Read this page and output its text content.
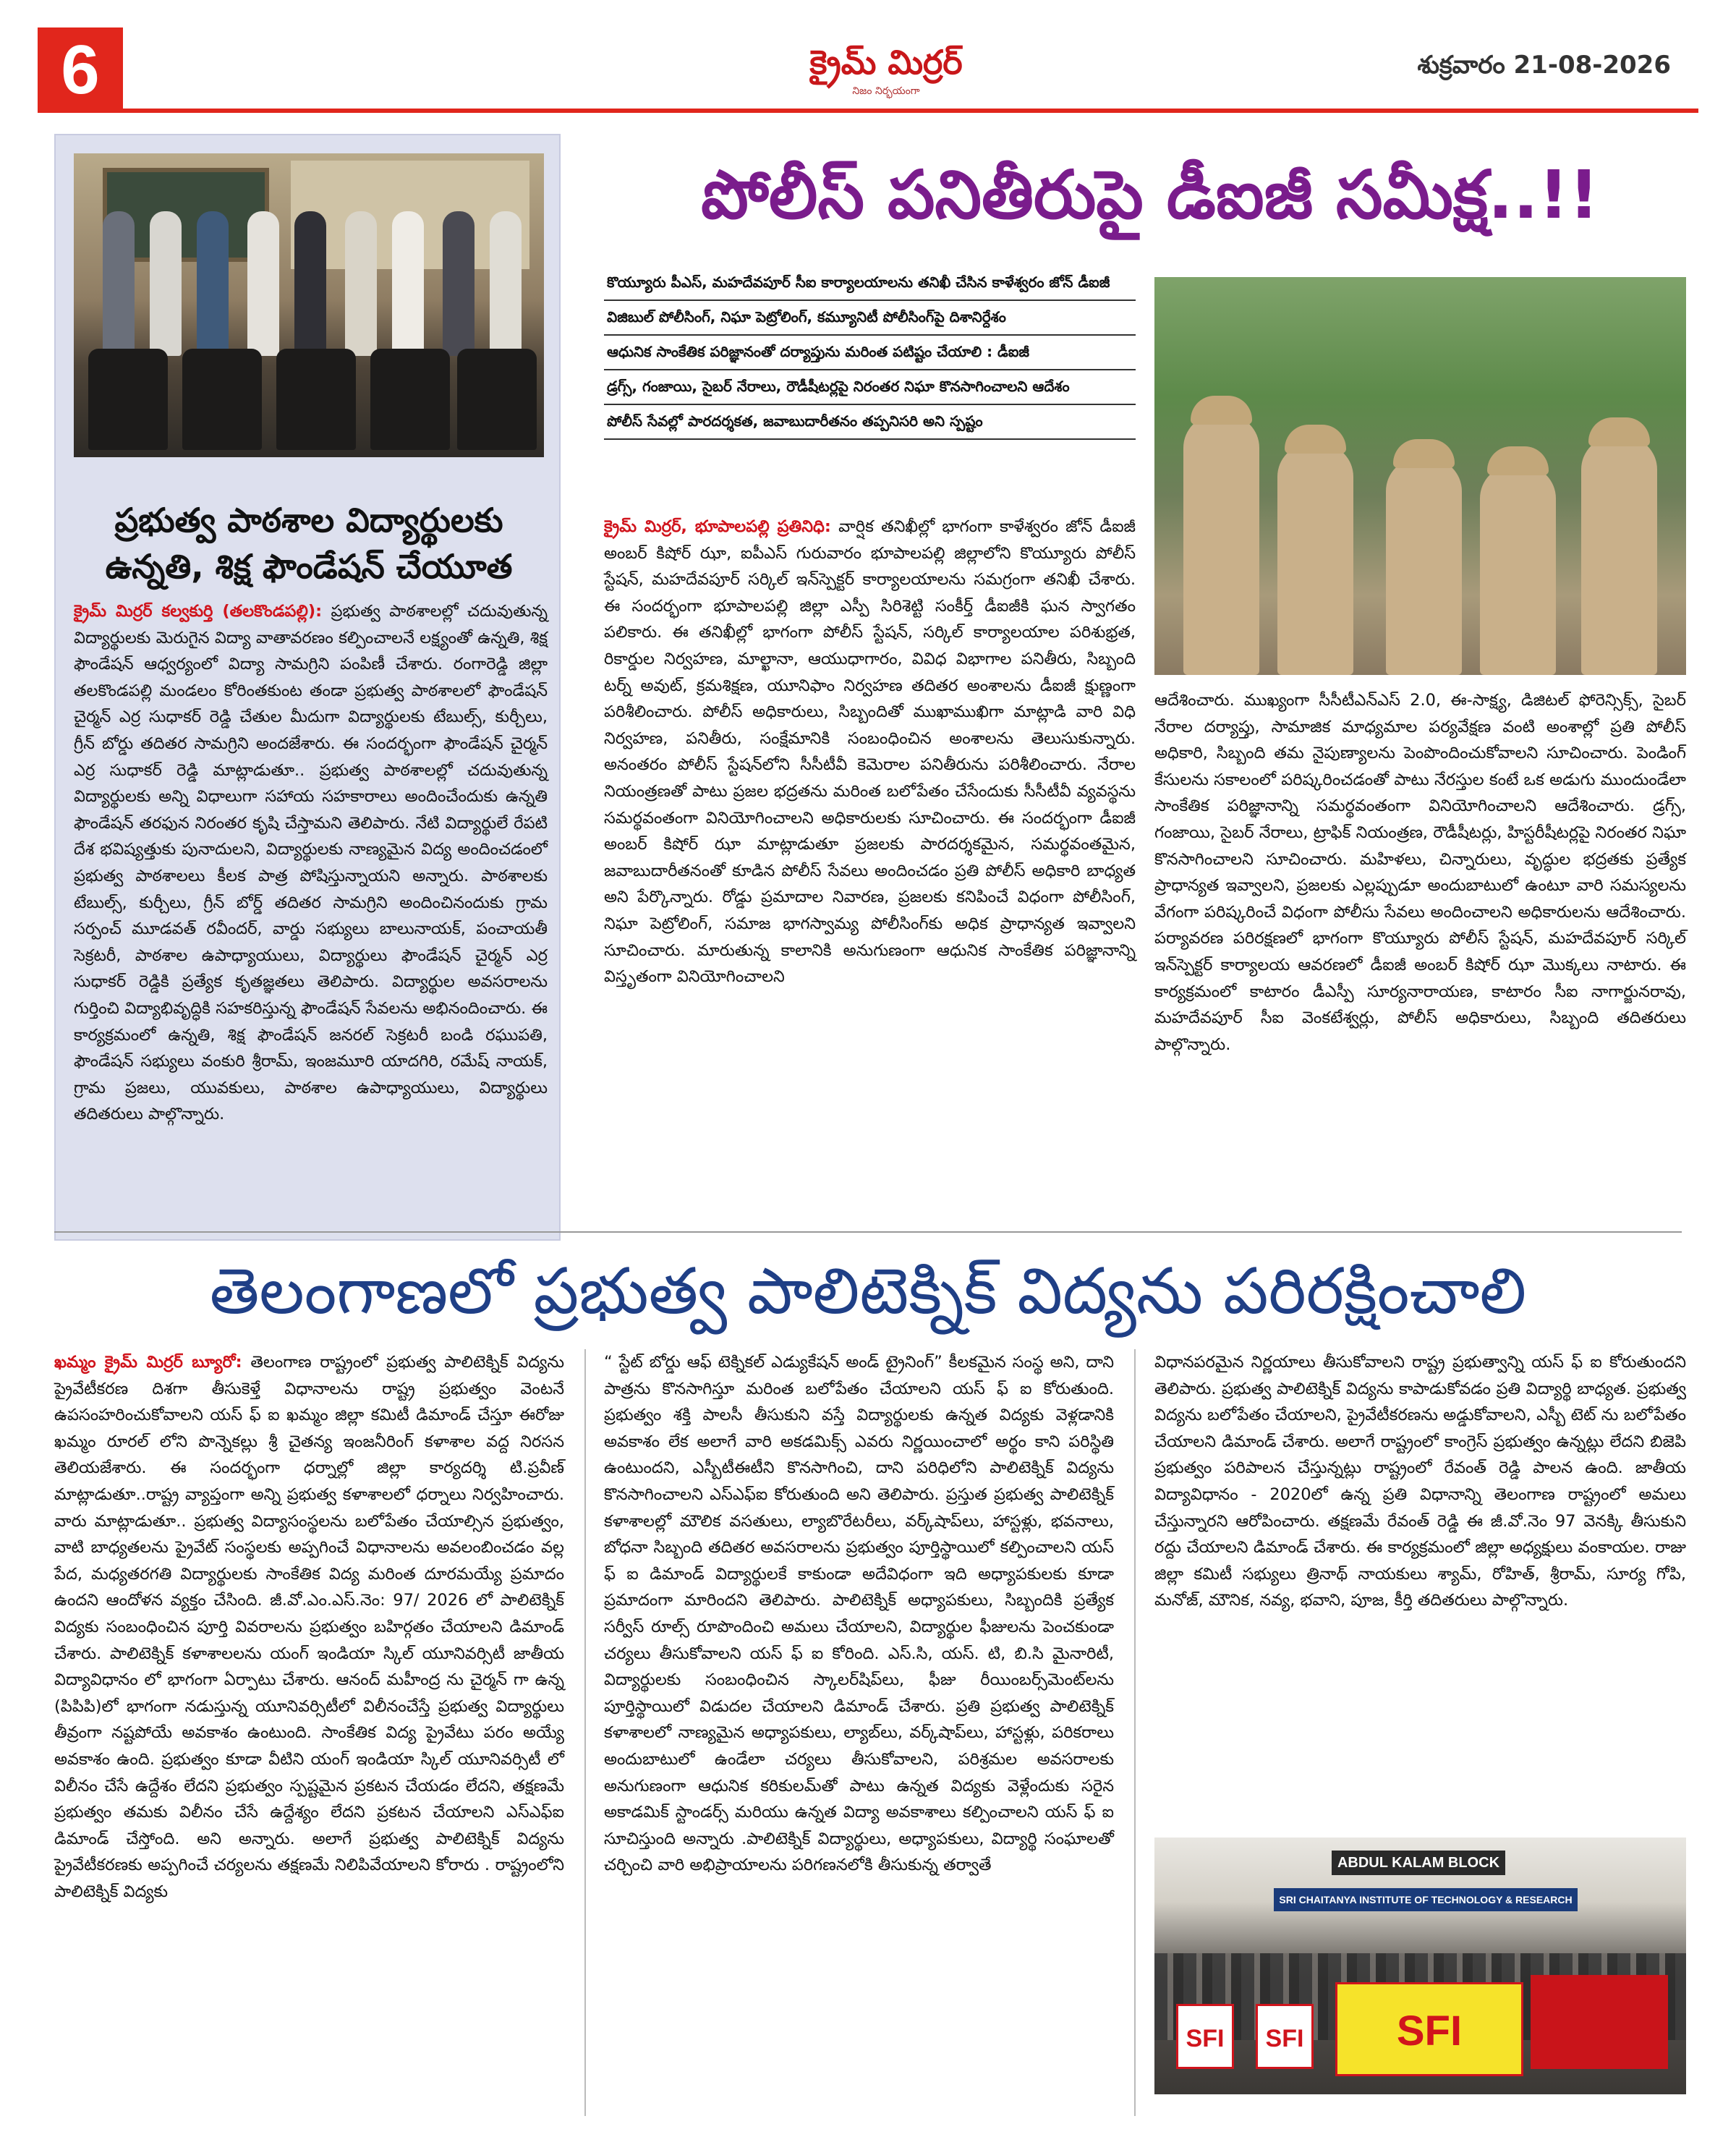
6	క్రైమ్ మిర్రర్
నిజం నిర్భయంగా
శుక్రవారం 21-08-2026
ప్రభుత్వ పాఠశాల విద్యార్థులకు ఉన్నతి, శిక్ష ఫౌండేషన్ చేయూత
క్రైమ్ మిర్రర్ కల్వకుర్తి (తలకొండపల్లి): ప్రభుత్వ పాఠశాలల్లో చదువుతున్న విద్యార్థులకు మెరుగైన విద్యా వాతావరణం కల్పించాలనే లక్ష్యంతో ఉన్నతి, శిక్ష ఫౌండేషన్ ఆధ్వర్యంలో విద్యా సామగ్రిని పంపిణీ చేశారు. రంగారెడ్డి జిల్లా తలకొండపల్లి మండలం కోరింతకుంట తండా ప్రభుత్వ పాఠశాలలో ఫౌండేషన్ చైర్మన్ ఎర్ర సుధాకర్ రెడ్డి చేతుల మీదుగా విద్యార్థులకు టేబుల్స్, కుర్చీలు, గ్రీన్ బోర్డు తదితర సామగ్రిని అందజేశారు. ఈ సందర్భంగా ఫౌండేషన్ చైర్మన్ ఎర్ర సుధాకర్ రెడ్డి మాట్లాడుతూ.. ప్రభుత్వ పాఠశాలల్లో చదువుతున్న విద్యార్థులకు అన్ని విధాలుగా సహాయ సహకారాలు అందించేందుకు ఉన్నతి ఫౌండేషన్ తరఫున నిరంతర కృషి చేస్తామని తెలిపారు. నేటి విద్యార్థులే రేపటి దేశ భవిష్యత్తుకు పునాదులని, విద్యార్థులకు నాణ్యమైన విద్య అందించడంలో ప్రభుత్వ పాఠశాలలు కీలక పాత్ర పోషిస్తున్నాయని అన్నారు. పాఠశాలకు టేబుల్స్, కుర్చీలు, గ్రీన్ బోర్డ్ తదితర సామగ్రిని అందించినందుకు గ్రామ సర్పంచ్ మూడవత్ రవీందర్, వార్డు సభ్యులు బాలునాయక్, పంచాయతీ సెక్రటరీ, పాఠశాల ఉపాధ్యాయులు, విద్యార్థులు ఫౌండేషన్ చైర్మన్ ఎర్ర సుధాకర్ రెడ్డికి ప్రత్యేక కృతజ్ఞతలు తెలిపారు. విద్యార్థుల అవసరాలను గుర్తించి విద్యాభివృద్ధికి సహకరిస్తున్న ఫౌండేషన్ సేవలను అభినందించారు. ఈ కార్యక్రమంలో ఉన్నతి, శిక్ష ఫౌండేషన్ జనరల్ సెక్రటరీ బండి రఘుపతి, ఫౌండేషన్ సభ్యులు వంకురి శ్రీరామ్, ఇంజమూరి యాదగిరి, రమేష్ నాయక్, గ్రామ ప్రజలు, యువకులు, పాఠశాల ఉపాధ్యాయులు, విద్యార్థులు తదితరులు పాల్గొన్నారు.
పోలీస్ పనితీరుపై డీఐజీ సమీక్ష..!!
కొయ్యూరు పీఎస్, మహదేవపూర్ సీఐ కార్యాలయాలను తనిఖీ చేసిన కాళేశ్వరం జోన్ డీఐజీ
విజిబుల్ పోలీసింగ్, నిఘా పెట్రోలింగ్, కమ్యూనిటీ పోలీసింగ్‌పై దిశానిర్దేశం
ఆధునిక సాంకేతిక పరిజ్ఞానంతో దర్యాప్తును మరింత పటిష్టం చేయాలి : డీఐజీ
డ్రగ్స్, గంజాయి, సైబర్ నేరాలు, రౌడీషీటర్లపై నిరంతర నిఘా కొనసాగించాలని ఆదేశం
పోలీస్ సేవల్లో పారదర్శకత, జవాబుదారీతనం తప్పనిసరి అని స్పష్టం
క్రైమ్ మిర్రర్, భూపాలపల్లి ప్రతినిధి: వార్షిక తనిఖీల్లో భాగంగా కాళేశ్వరం జోన్ డీఐజీ అంబర్ కిషోర్ ఝా, ఐపీఎస్ గురువారం భూపాలపల్లి జిల్లాలోని కొయ్యూరు పోలీస్ స్టేషన్, మహదేవపూర్ సర్కిల్ ఇన్‌స్పెక్టర్ కార్యాలయాలను సమగ్రంగా తనిఖీ చేశారు. ఈ సందర్భంగా భూపాలపల్లి జిల్లా ఎస్పీ సిరిశెట్టి సంకీర్త్ డీఐజీకి ఘన స్వాగతం పలికారు. ఈ తనిఖీల్లో భాగంగా పోలీస్ స్టేషన్, సర్కిల్ కార్యాలయాల పరిశుభ్రత, రికార్డుల నిర్వహణ, మాల్ఖానా, ఆయుధాగారం, వివిధ విభాగాల పనితీరు, సిబ్బంది టర్న్ అవుట్, క్రమశిక్షణ, యూనిఫాం నిర్వహణ తదితర అంశాలను డీఐజీ క్షుణ్ణంగా పరిశీలించారు. పోలీస్ అధికారులు, సిబ్బందితో ముఖాముఖిగా మాట్లాడి వారి విధి నిర్వహణ, పనితీరు, సంక్షేమానికి సంబంధించిన అంశాలను తెలుసుకున్నారు. అనంతరం పోలీస్ స్టేషన్‌లోని సీసీటీవీ కెమెరాల పనితీరును పరిశీలించారు. నేరాల నియంత్రణతో పాటు ప్రజల భద్రతను మరింత బలోపేతం చేసేందుకు సీసీటీవీ వ్యవస్థను సమర్థవంతంగా వినియోగించాలని అధికారులకు సూచించారు. ఈ సందర్భంగా డీఐజీ అంబర్ కిషోర్ ఝా మాట్లాడుతూ ప్రజలకు పారదర్శకమైన, సమర్థవంతమైన, జవాబుదారీతనంతో కూడిన పోలీస్ సేవలు అందించడం ప్రతి పోలీస్ అధికారి బాధ్యత అని పేర్కొన్నారు. రోడ్డు ప్రమాదాల నివారణ, ప్రజలకు కనిపించే విధంగా పోలీసింగ్, నిఘా పెట్రోలింగ్, సమాజ భాగస్వామ్య పోలీసింగ్‌కు అధిక ప్రాధాన్యత ఇవ్వాలని సూచించారు. మారుతున్న కాలానికి అనుగుణంగా ఆధునిక సాంకేతిక పరిజ్ఞానాన్ని విస్తృతంగా వినియోగించాలని
ఆదేశించారు. ముఖ్యంగా సీసీటీఎన్ఎస్ 2.0, ఈ-సాక్ష్య, డిజిటల్ ఫోరెన్సిక్స్, సైబర్ నేరాల దర్యాప్తు, సామాజిక మాధ్యమాల పర్యవేక్షణ వంటి అంశాల్లో ప్రతి పోలీస్ అధికారి, సిబ్బంది తమ నైపుణ్యాలను పెంపొందించుకోవాలని సూచించారు. పెండింగ్ కేసులను సకాలంలో పరిష్కరించడంతో పాటు నేరస్తుల కంటే ఒక అడుగు ముందుండేలా సాంకేతిక పరిజ్ఞానాన్ని సమర్థవంతంగా వినియోగించాలని ఆదేశించారు. డ్రగ్స్, గంజాయి, సైబర్ నేరాలు, ట్రాఫిక్ నియంత్రణ, రౌడీషీటర్లు, హిస్టరీషీటర్లపై నిరంతర నిఘా కొనసాగించాలని సూచించారు. మహిళలు, చిన్నారులు, వృద్ధుల భద్రతకు ప్రత్యేక ప్రాధాన్యత ఇవ్వాలని, ప్రజలకు ఎల్లప్పుడూ అందుబాటులో ఉంటూ వారి సమస్యలను వేగంగా పరిష్కరించే విధంగా పోలీసు సేవలు అందించాలని అధికారులను ఆదేశించారు. పర్యావరణ పరిరక్షణలో భాగంగా కొయ్యూరు పోలీస్ స్టేషన్, మహదేవపూర్ సర్కిల్ ఇన్‌స్పెక్టర్ కార్యాలయ ఆవరణలో డీఐజీ అంబర్ కిషోర్ ఝా మొక్కలు నాటారు. ఈ కార్యక్రమంలో కాటారం డీఎస్పీ సూర్యనారాయణ, కాటారం సీఐ నాగార్జునరావు, మహదేవపూర్ సీఐ వెంకటేశ్వర్లు, పోలీస్ అధికారులు, సిబ్బంది తదితరులు పాల్గొన్నారు.
తెలంగాణలో ప్రభుత్వ పాలిటెక్నిక్ విద్యను పరిరక్షించాలి
ఖమ్మం క్రైమ్ మిర్రర్ బ్యూరో: తెలంగాణ రాష్ట్రంలో ప్రభుత్వ పాలిటెక్నిక్ విద్యను ప్రైవేటీకరణ దిశగా తీసుకెళ్తే విధానాలను రాష్ట్ర ప్రభుత్వం వెంటనే ఉపసంహరించుకోవాలని యస్ ఫ్ ఐ ఖమ్మం జిల్లా కమిటీ డిమాండ్ చేస్తూ ఈరోజు ఖమ్మం రూరల్ లోని పొన్నెకల్లు శ్రీ చైతన్య ఇంజనీరింగ్ కళాశాల వద్ద నిరసన తెలియజేశారు. ఈ సందర్భంగా ధర్నాల్లో జిల్లా కార్యదర్శి టి.ప్రవీణ్ మాట్లాడుతూ..రాష్ట్ర వ్యాప్తంగా అన్ని ప్రభుత్వ కళాశాలలో ధర్నాలు నిర్వహించారు. వారు మాట్లాడుతూ.. ప్రభుత్వ విద్యాసంస్థలను బలోపేతం చేయాల్సిన ప్రభుత్వం, వాటి బాధ్యతలను ప్రైవేట్ సంస్థలకు అప్పగించే విధానాలను అవలంబించడం వల్ల పేద, మధ్యతరగతి విద్యార్థులకు సాంకేతిక విద్య మరింత దూరమయ్యే ప్రమాదం ఉందని ఆందోళన వ్యక్తం చేసింది. జీ.వో.ఎం.ఎస్.నెం: 97/ 2026 లో పాలిటెక్నిక్ విద్యకు సంబంధించిన పూర్తి వివరాలను ప్రభుత్వం బహిర్గతం చేయాలని డిమాండ్ చేశారు. పాలిటెక్నిక్ కళాశాలలను యంగ్ ఇండియా స్కిల్ యూనివర్సిటీ జాతీయ విద్యావిధానం లో భాగంగా ఏర్పాటు చేశారు. ఆనంద్ మహీంద్ర ను చైర్మన్ గా ఉన్న (పిపిపి)లో భాగంగా నడుస్తున్న యూనివర్సిటీలో విలీనంచేస్తే ప్రభుత్వ విద్యార్థులు తీవ్రంగా నష్టపోయే అవకాశం ఉంటుంది. సాంకేతిక విద్య ప్రైవేటు పరం అయ్యే అవకాశం ఉంది. ప్రభుత్వం కూడా వీటిని యంగ్ ఇండియా స్కిల్ యూనివర్సిటీ లో విలీనం చేసే ఉద్దేశం లేదని ప్రభుత్వం స్పష్టమైన ప్రకటన చేయడం లేదని, తక్షణమే ప్రభుత్వం తమకు విలీనం చేసే ఉద్దేశ్యం లేదని ప్రకటన చేయాలని ఎస్ఎఫ్ఐ డిమాండ్ చేస్తోంది. అని అన్నారు. అలాగే ప్రభుత్వ పాలిటెక్నిక్ విద్యను ప్రైవేటీకరణకు అప్పగించే చర్యలను తక్షణమే నిలిపివేయాలని కోరారు . రాష్ట్రంలోని పాలిటెక్నిక్ విద్యకు
“ స్టేట్ బోర్డు ఆఫ్ టెక్నికల్ ఎడ్యుకేషన్ అండ్ ట్రైనింగ్” కీలకమైన సంస్థ అని, దాని పాత్రను కొనసాగిస్తూ మరింత బలోపేతం చేయాలని యస్ ఫ్ ఐ కోరుతుంది. ప్రభుత్వం శక్తి పాలసీ తీసుకుని వస్తే విద్యార్థులకు ఉన్నత విద్యకు వెళ్లడానికి అవకాశం లేక అలాగే వారి అకడమిక్స్ ఎవరు నిర్ణయించాలో అర్థం కాని పరిస్థితి ఉంటుందని, ఎస్బీటీఈటీని కొనసాగించి, దాని పరిధిలోని పాలిటెక్నిక్ విద్యను కొనసాగించాలని ఎస్ఎఫ్ఐ కోరుతుంది అని తెలిపారు. ప్రస్తుత ప్రభుత్వ పాలిటెక్నిక్ కళాశాలల్లో మౌలిక వసతులు, ల్యాబొరేటరీలు, వర్క్‌షాప్‌లు, హాస్టళ్లు, భవనాలు, బోధనా సిబ్బంది తదితర అవసరాలను ప్రభుత్వం పూర్తిస్థాయిలో కల్పించాలని యస్ ఫ్ ఐ డిమాండ్ విద్యార్థులకే కాకుండా అదేవిధంగా ఇది అధ్యాపకులకు కూడా ప్రమాదంగా మారిందని తెలిపారు. పాలిటెక్నిక్ అధ్యాపకులు, సిబ్బందికి ప్రత్యేక సర్వీస్ రూల్స్ రూపొందించి అమలు చేయాలని, విద్యార్థుల ఫీజులను పెంచకుండా చర్యలు తీసుకోవాలని యస్ ఫ్ ఐ కోరింది. ఎస్.సి, యస్. టి, బి.సి మైనారిటీ, విద్యార్థులకు సంబంధించిన స్కాలర్‌షిప్‌లు, ఫీజు రీయింబర్స్‌మెంట్‌లను పూర్తిస్థాయిలో విడుదల చేయాలని డిమాండ్ చేశారు. ప్రతి ప్రభుత్వ పాలిటెక్నిక్ కళాశాలలో నాణ్యమైన అధ్యాపకులు, ల్యాబ్‌లు, వర్క్‌షాప్‌లు, హాస్టళ్లు, పరికరాలు అందుబాటులో ఉండేలా చర్యలు తీసుకోవాలని, పరిశ్రమల అవసరాలకు అనుగుణంగా ఆధునిక కరికులమ్‌తో పాటు ఉన్నత విద్యకు వెళ్లేందుకు సరైన అకాడమిక్ స్టాండర్స్ మరియు ఉన్నత విద్యా అవకాశాలు కల్పించాలని యస్ ఫ్ ఐ సూచిస్తుంది అన్నారు .పాలిటెక్నిక్ విద్యార్థులు, అధ్యాపకులు, విద్యార్థి సంఘాలతో చర్చించి వారి అభిప్రాయాలను పరిగణనలోకి తీసుకున్న తర్వాతే
విధానపరమైన నిర్ణయాలు తీసుకోవాలని రాష్ట్ర ప్రభుత్వాన్ని యస్ ఫ్ ఐ కోరుతుందని తెలిపారు. ప్రభుత్వ పాలిటెక్నిక్ విద్యను కాపాడుకోవడం ప్రతి విద్యార్థి బాధ్యత. ప్రభుత్వ విద్యను బలోపేతం చేయాలని, ప్రైవేటీకరణను అడ్డుకోవాలని, ఎస్బీ టెట్ ను బలోపేతం చేయాలని డిమాండ్ చేశారు. అలాగే రాష్ట్రంలో కాంగ్రెస్ ప్రభుత్వం ఉన్నట్లు లేదని బిజెపి ప్రభుత్వం పరిపాలన చేస్తున్నట్లు రాష్ట్రంలో రేవంత్ రెడ్డి పాలన ఉంది. జాతీయ విద్యావిధానం - 2020లో ఉన్న ప్రతి విధానాన్ని తెలంగాణ రాష్ట్రంలో అమలు చేస్తున్నారని ఆరోపించారు. తక్షణమే రేవంత్ రెడ్డి ఈ జీ.వో.నెం 97 వెనక్కి తీసుకుని రద్దు చేయాలని డిమాండ్ చేశారు. ఈ కార్యక్రమంలో జిల్లా అధ్యక్షులు వంకాయల. రాజు జిల్లా కమిటీ సభ్యులు త్రినాథ్ నాయకులు శ్యామ్, రోహిత్, శ్రీరామ్, సూర్య గోపి, మనోజ్, మౌనిక, నవ్య, భవాని, పూజ, కీర్తి తదితరులు పాల్గొన్నారు.
ABDUL KALAM BLOCK
SRI CHAITANYA INSTITUTE OF TECHNOLOGY & RESEARCH
SFI	SFI	SFI
